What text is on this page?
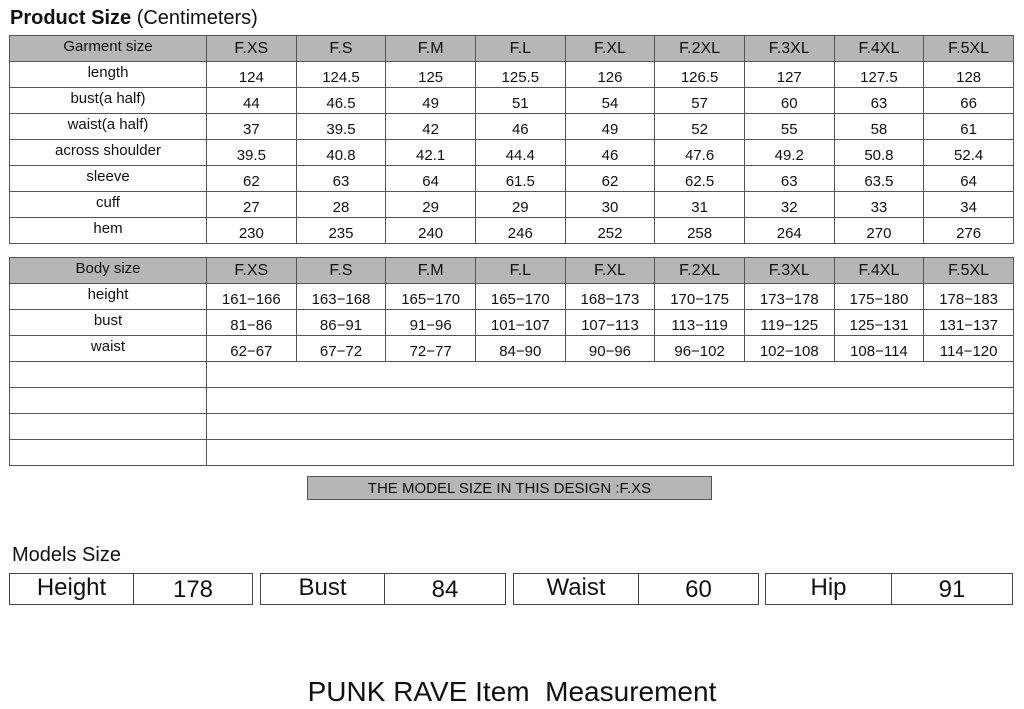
Product Size (Centimeters)
Garment size	F.XS	F.S	F.M	F.L	F.XL	F.2XL	F.3XL	F.4XL	F.5XL
length	124	124.5	125	125.5	126	126.5	127	127.5	128
bust(a half)	44	46.5	49	51	54	57	60	63	66
waist(a half)	37	39.5	42	46	49	52	55	58	61
across shoulder	39.5	40.8	42.1	44.4	46	47.6	49.2	50.8	52.4
sleeve	62	63	64	61.5	62	62.5	63	63.5	64
cuff	27	28	29	29	30	31	32	33	34
hem	230	235	240	246	252	258	264	270	276
Body size	F.XS	F.S	F.M	F.L	F.XL	F.2XL	F.3XL	F.4XL	F.5XL
height	161−166	163−168	165−170	165−170	168−173	170−175	173−178	175−180	178−183
bust	81−86	86−91	91−96	101−107	107−113	113−119	119−125	125−131	131−137
waist	62−67	67−72	72−77	84−90	90−96	96−102	102−108	108−114	114−120

THE MODEL SIZE IN THIS DESIGN :F.XS
Models Size
Height	178	Bust	84	Waist	60	Hip	91
PUNK RAVE Item  Measurement
